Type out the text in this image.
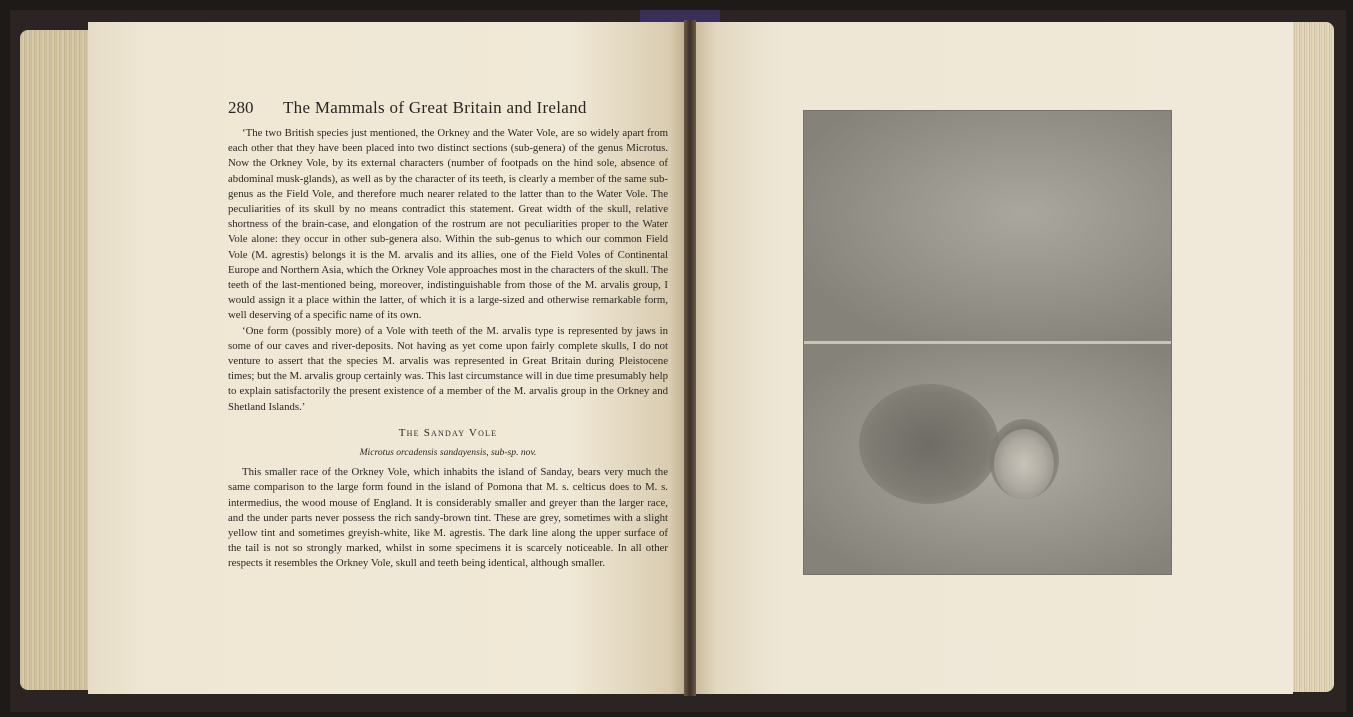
280 The Mammals of Great Britain and Ireland

‘The two British species just mentioned, the Orkney and the Water Vole, are so widely apart from each other that they have been placed into two distinct sections (sub-genera) of the genus Microtus. Now the Orkney Vole, by its external characters (number of footpads on the hind sole, absence of abdominal musk-glands), as well as by the character of its teeth, is clearly a member of the same sub-genus as the Field Vole, and therefore much nearer related to the latter than to the Water Vole. The peculiarities of its skull by no means contradict this statement. Great width of the skull, relative shortness of the brain-case, and elongation of the rostrum are not peculiarities proper to the Water Vole alone: they occur in other sub-genera also. Within the sub-genus to which our common Field Vole (M. agrestis) belongs it is the M. arvalis and its allies, one of the Field Voles of Continental Europe and Northern Asia, which the Orkney Vole approaches most in the characters of the skull. The teeth of the last-mentioned being, moreover, indistinguishable from those of the M. arvalis group, I would assign it a place within the latter, of which it is a large-sized and otherwise remarkable form, well deserving of a specific name of its own.

‘One form (possibly more) of a Vole with teeth of the M. arvalis type is represented by jaws in some of our caves and river-deposits. Not having as yet come upon fairly complete skulls, I do not venture to assert that the species M. arvalis was represented in Great Britain during Pleistocene times; but the M. arvalis group certainly was. This last circumstance will in due time presumably help to explain satisfactorily the present existence of a member of the M. arvalis group in the Orkney and Shetland Islands.’

The Sanday Vole
Microtus orcadensis sandayensis, sub-sp. nov.

This smaller race of the Orkney Vole, which inhabits the island of Sanday, bears very much the same comparison to the large form found in the island of Pomona that M. s. celticus does to M. s. intermedius, the wood mouse of England. It is considerably smaller and greyer than the larger race, and the under parts never possess the rich sandy-brown tint. These are grey, sometimes with a slight yellow tint and sometimes greyish-white, like M. agrestis. The dark line along the upper surface of the tail is not so strongly marked, whilst in some specimens it is scarcely noticeable. In all other respects it resembles the Orkney Vole, skull and teeth being identical, although smaller.
